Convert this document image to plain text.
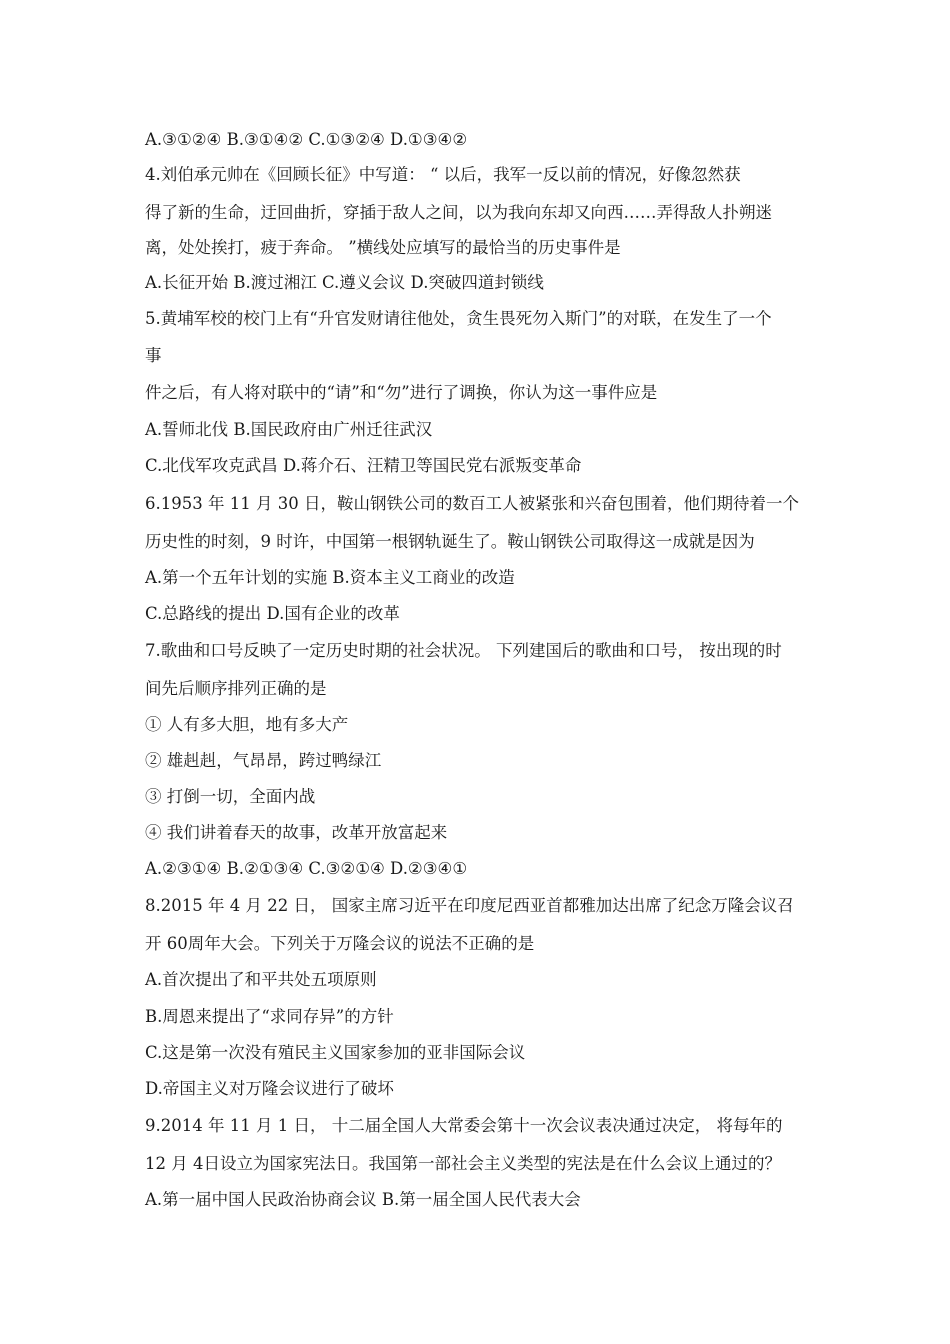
A.③①②④ B.③①④② C.①③②④ D.①③④②
4.刘伯承元帅在《回顾长征》中写道： “ 以后，我军一反以前的情况，好像忽然获
得了新的生命，迂回曲折，穿插于敌人之间，以为我向东却又向西……弄得敌人扑朔迷
离，处处挨打，疲于奔命。 ”横线处应填写的最恰当的历史事件是
A.长征开始 B.渡过湘江 C.遵义会议 D.突破四道封锁线
5.黄埔军校的校门上有“升官发财请往他处，贪生畏死勿入斯门”的对联，在发生了一个
事
件之后，有人将对联中的“请”和“勿”进行了调换，你认为这一事件应是
A.誓师北伐 B.国民政府由广州迁往武汉
C.北伐军攻克武昌 D.蒋介石、汪精卫等国民党右派叛变革命
6.1953 年 11 月 30 日，鞍山钢铁公司的数百工人被紧张和兴奋包围着，他们期待着一个
历史性的时刻，9 时许，中国第一根钢轨诞生了。鞍山钢铁公司取得这一成就是因为
A.第一个五年计划的实施 B.资本主义工商业的改造
C.总路线的提出 D.国有企业的改革
7.歌曲和口号反映了一定历史时期的社会状况。 下列建国后的歌曲和口号， 按出现的时
间先后顺序排列正确的是
① 人有多大胆，地有多大产
② 雄赳赳，气昂昂，跨过鸭绿江
③ 打倒一切，全面内战
④ 我们讲着春天的故事，改革开放富起来
A.②③①④ B.②①③④ C.③②①④ D.②③④①
8.2015 年 4 月 22 日， 国家主席习近平在印度尼西亚首都雅加达出席了纪念万隆会议召
开 60周年大会。下列关于万隆会议的说法不正确的是
A.首次提出了和平共处五项原则
B.周恩来提出了“求同存异”的方针
C.这是第一次没有殖民主义国家参加的亚非国际会议
D.帝国主义对万隆会议进行了破坏
9.2014 年 11 月 1 日， 十二届全国人大常委会第十一次会议表决通过决定， 将每年的
12 月 4日设立为国家宪法日。我国第一部社会主义类型的宪法是在什么会议上通过的？
A.第一届中国人民政治协商会议 B.第一届全国人民代表大会
